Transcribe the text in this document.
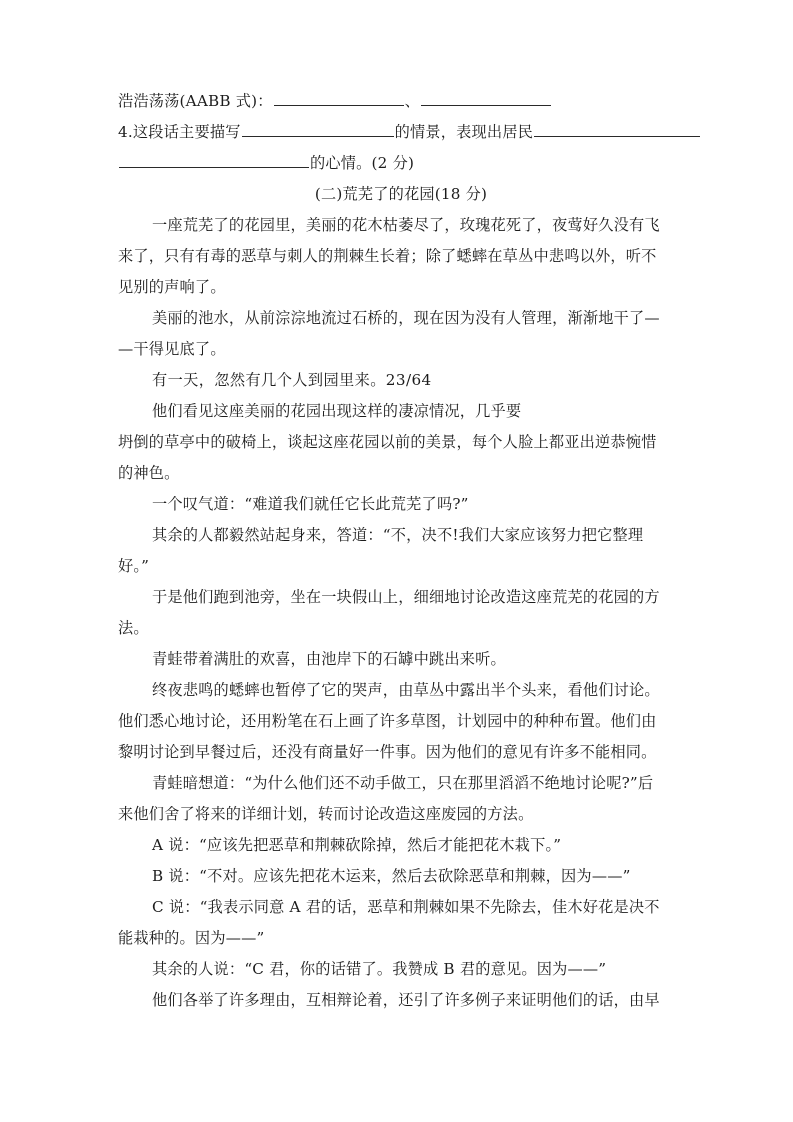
浩浩荡荡(AABB 式)：	、
4.这段话主要描写	的情景，表现出居民
的心情。(2 分)
(二)荒芜了的花园(18 分)
一座荒芜了的花园里，美丽的花木枯萎尽了，玫瑰花死了，夜莺好久没有飞
来了，只有有毒的恶草与刺人的荆棘生长着；除了蟋蟀在草丛中悲鸣以外，听不
见别的声响了。
美丽的池水，从前淙淙地流过石桥的，现在因为没有人管理，渐渐地干了—
—干得见底了。
有一天，忽然有几个人到园里来。23/64
他们看见这座美丽的花园出现这样的凄凉情况，几乎要
坍倒的草亭中的破椅上，谈起这座花园以前的美景，每个人脸上都亚出逆恭惋惜
的神色。
一个叹气道：“难道我们就任它长此荒芜了吗?”
其余的人都毅然站起身来，答道：“不，决不!我们大家应该努力把它整理
好。”
于是他们跑到池旁，坐在一块假山上，细细地讨论改造这座荒芜的花园的方
法。
青蛙带着满肚的欢喜，由池岸下的石罅中跳出来听。
终夜悲鸣的蟋蟀也暂停了它的哭声，由草丛中露出半个头来，看他们讨论。
他们悉心地讨论，还用粉笔在石上画了许多草图，计划园中的种种布置。他们由
黎明讨论到早餐过后，还没有商量好一件事。因为他们的意见有许多不能相同。
青蛙暗想道：“为什么他们还不动手做工，只在那里滔滔不绝地讨论呢?”后
来他们舍了将来的详细计划，转而讨论改造这座废园的方法。
A 说：“应该先把恶草和荆棘砍除掉，然后才能把花木栽下。”
B 说：“不对。应该先把花木运来，然后去砍除恶草和荆棘，因为——”
C 说：“我表示同意 A 君的话，恶草和荆棘如果不先除去，佳木好花是决不
能栽种的。因为——”
其余的人说：“C 君，你的话错了。我赞成 B 君的意见。因为——”
他们各举了许多理由，互相辩论着，还引了许多例子来证明他们的话，由早
